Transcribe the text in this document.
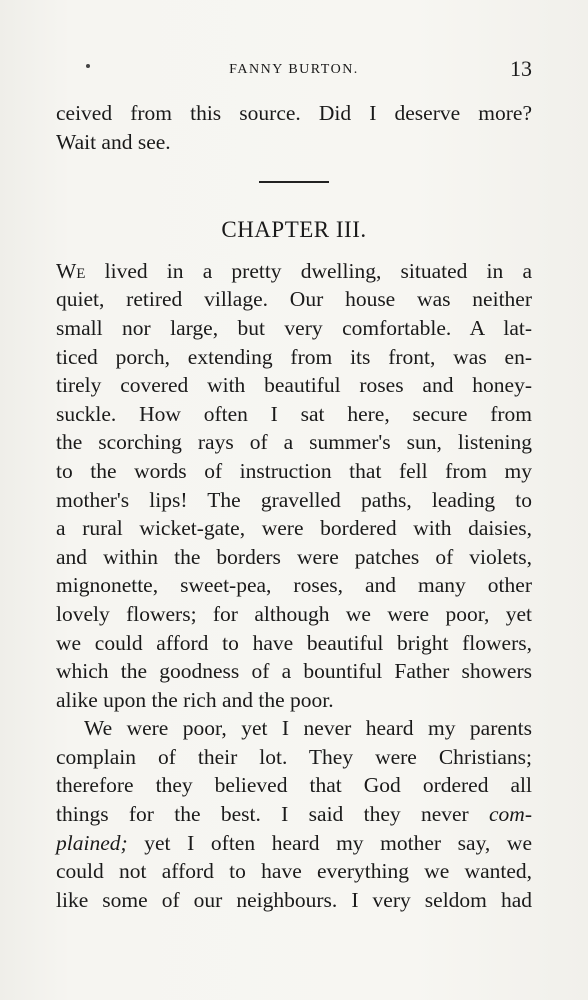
FANNY BURTON.	13

ceived from this source. Did I deserve more?
Wait and see.

CHAPTER III.

We lived in a pretty dwelling, situated in a
quiet, retired village. Our house was neither
small nor large, but very comfortable. A lat-
ticed porch, extending from its front, was en-
tirely covered with beautiful roses and honey-
suckle. How often I sat here, secure from
the scorching rays of a summer's sun, listening
to the words of instruction that fell from my
mother's lips! The gravelled paths, leading to
a rural wicket-gate, were bordered with daisies,
and within the borders were patches of violets,
mignonette, sweet-pea, roses, and many other
lovely flowers; for although we were poor, yet
we could afford to have beautiful bright flowers,
which the goodness of a bountiful Father showers
alike upon the rich and the poor.

We were poor, yet I never heard my parents
complain of their lot. They were Christians;
therefore they believed that God ordered all
things for the best. I said they never com-
plained; yet I often heard my mother say, we
could not afford to have everything we wanted,
like some of our neighbours. I very seldom had
